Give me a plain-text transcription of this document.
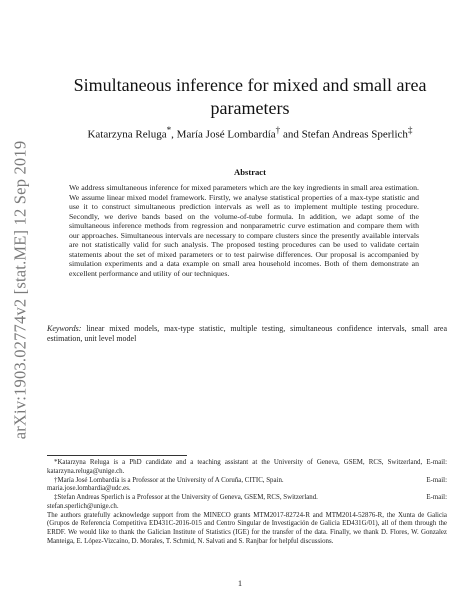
arXiv:1903.02774v2 [stat.ME] 12 Sep 2019
Simultaneous inference for mixed and small area parameters
Katarzyna Reluga*, María José Lombardía† and Stefan Andreas Sperlich‡
Abstract

We address simultaneous inference for mixed parameters which are the key ingredients in small area estimation. We assume linear mixed model framework. Firstly, we analyse statistical properties of a max-type statistic and use it to construct simultaneous prediction intervals as well as to implement multiple testing procedure. Secondly, we derive bands based on the volume-of-tube formula. In addition, we adapt some of the simultaneous inference methods from regression and nonparametric curve estimation and compare them with our approaches. Simultaneous intervals are necessary to compare clusters since the presently available intervals are not statistically valid for such analysis. The proposed testing procedures can be used to validate certain statements about the set of mixed parameters or to test pairwise differences. Our proposal is accompanied by simulation experiments and a data example on small area household incomes. Both of them demonstrate an excellent performance and utility of our techniques.

Keywords: linear mixed models, max-type statistic, multiple testing, simultaneous confidence intervals, small area estimation, unit level model

*Katarzyna Reluga is a PhD candidate and a teaching assistant at the University of Geneva, GSEM, RCS, Switzerland, E-mail: katarzyna.reluga@unige.ch.

†María José Lombardía is a Professor at the University of A Coruña, CITIC, Spain.	E-mail:

maria.jose.lombardia@udc.es.

‡Stefan Andreas Sperlich is a Professor at the University of Geneva, GSEM, RCS, Switzerland.	E-mail:

stefan.sperlich@unige.ch.

The authors gratefully acknowledge support from the MINECO grants MTM2017-82724-R and MTM2014-52876-R, the Xunta de Galicia (Grupos de Referencia Competitiva ED431C-2016-015 and Centro Singular de Investigación de Galicia ED431G/01), all of them through the ERDF. We would like to thank the Galician Institute of Statistics (IGE) for the transfer of the data. Finally, we thank D. Flores, W. Gonzalez Manteiga, E. López-Vizcaíno, D. Morales, T. Schmid, N. Salvati and S. Ranjbar for helpful discussions.

1
